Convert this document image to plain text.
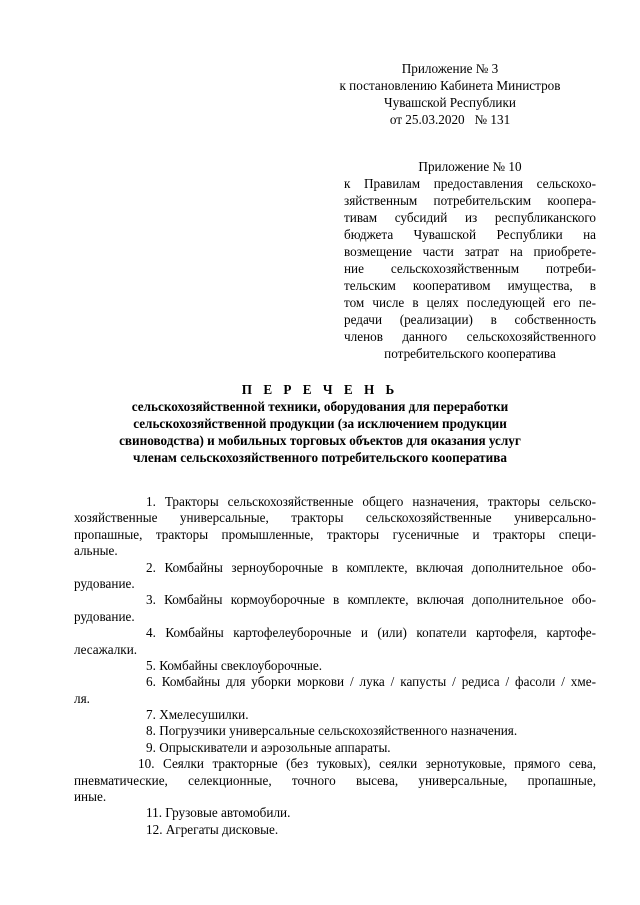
Приложение № 3
к постановлению Кабинета Министров
Чувашской Республики
от 25.03.2020   № 131
Приложение № 10
к Правилам предоставления сельскохо-
зяйственным потребительским коопера-
тивам субсидий из республиканского
бюджета Чувашской Республики на
возмещение части затрат на приобрете-
ние сельскохозяйственным потреби-
тельским кооперативом имущества, в
том числе в целях последующей его пе-
редачи (реализации) в собственность
членов данного сельскохозяйственного
потребительского кооператива
П Е Р Е Ч Е Н Ь
сельскохозяйственной техники, оборудования для переработки
сельскохозяйственной продукции (за исключением продукции
свиноводства) и мобильных торговых объектов для оказания услуг
членам сельскохозяйственного потребительского кооператива
1. Тракторы сельскохозяйственные общего назначения, тракторы сельско-
хозяйственные универсальные, тракторы сельскохозяйственные универсально-
пропашные, тракторы промышленные, тракторы гусеничные и тракторы специ-
альные.
2. Комбайны зерноуборочные в комплекте, включая дополнительное обо-
рудование.
3. Комбайны кормоуборочные в комплекте, включая дополнительное обо-
рудование.
4. Комбайны картофелеуборочные и (или) копатели картофеля, картофе-
лесажалки.
5. Комбайны свеклоуборочные.
6. Комбайны для уборки моркови / лука / капусты / редиса / фасоли / хме-
ля.
7. Хмелесушилки.
8. Погрузчики универсальные сельскохозяйственного назначения.
9. Опрыскиватели и аэрозольные аппараты.
10. Сеялки тракторные (без туковых), сеялки зернотуковые, прямого сева,
пневматические, селекционные, точного высева, универсальные, пропашные,
иные.
11. Грузовые автомобили.
12. Агрегаты дисковые.
